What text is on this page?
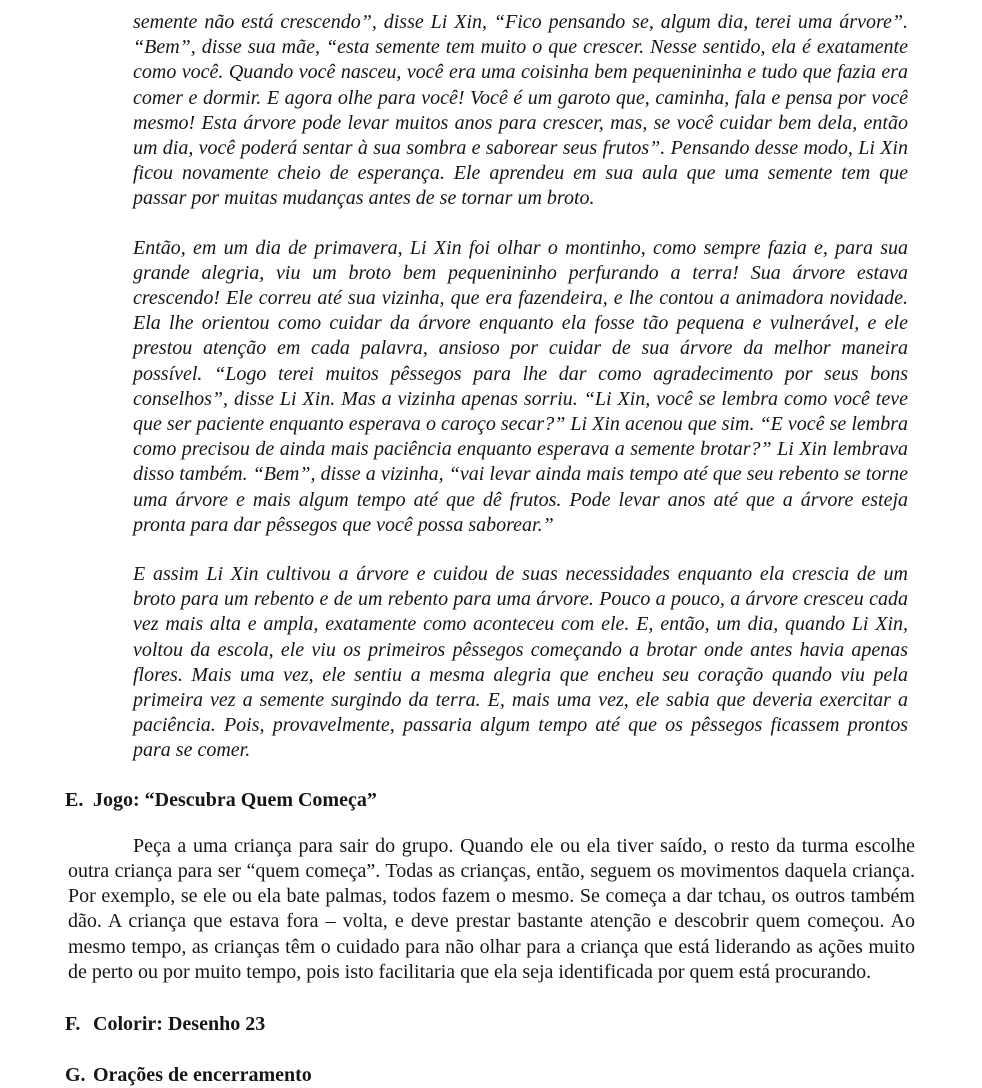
semente não está crescendo”, disse Li Xin, “Fico pensando se, algum dia, terei uma árvore”. “Bem”, disse sua mãe, “esta semente tem muito o que crescer. Nesse sentido, ela é exatamente como você. Quando você nasceu, você era uma coisinha bem pequenininha e tudo que fazia era comer e dormir. E agora olhe para você! Você é um garoto que, caminha, fala e pensa por você mesmo! Esta árvore pode levar muitos anos para crescer, mas, se você cuidar bem dela, então um dia, você poderá sentar à sua sombra e saborear seus frutos”. Pensando desse modo, Li Xin ficou novamente cheio de esperança. Ele aprendeu em sua aula que uma semente tem que passar por muitas mudanças antes de se tornar um broto.

Então, em um dia de primavera, Li Xin foi olhar o montinho, como sempre fazia e, para sua grande alegria, viu um broto bem pequenininho perfurando a terra! Sua árvore estava crescendo! Ele correu até sua vizinha, que era fazendeira, e lhe contou a animadora novidade. Ela lhe orientou como cuidar da árvore enquanto ela fosse tão pequena e vulnerável, e ele prestou atenção em cada palavra, ansioso por cuidar de sua árvore da melhor maneira possível. “Logo terei muitos pêssegos para lhe dar como agradecimento por seus bons conselhos”, disse Li Xin. Mas a vizinha apenas sorriu. “Li Xin, você se lembra como você teve que ser paciente enquanto esperava o caroço secar?” Li Xin acenou que sim. “E você se lembra como precisou de ainda mais paciência enquanto esperava a semente brotar?” Li Xin lembrava disso também. “Bem”, disse a vizinha, “vai levar ainda mais tempo até que seu rebento se torne uma árvore e mais algum tempo até que dê frutos. Pode levar anos até que a árvore esteja pronta para dar pêssegos que você possa saborear.”

E assim Li Xin cultivou a árvore e cuidou de suas necessidades enquanto ela crescia de um broto para um rebento e de um rebento para uma árvore. Pouco a pouco, a árvore cresceu cada vez mais alta e ampla, exatamente como aconteceu com ele. E, então, um dia, quando Li Xin, voltou da escola, ele viu os primeiros pêssegos começando a brotar onde antes havia apenas flores. Mais uma vez, ele sentiu a mesma alegria que encheu seu coração quando viu pela primeira vez a semente surgindo da terra. E, mais uma vez, ele sabia que deveria exercitar a paciência. Pois, provavelmente, passaria algum tempo até que os pêssegos ficassem prontos para se comer.

E. Jogo: “Descubra Quem Começa”

Peça a uma criança para sair do grupo. Quando ele ou ela tiver saído, o resto da turma escolhe outra criança para ser “quem começa”. Todas as crianças, então, seguem os movimentos daquela criança. Por exemplo, se ele ou ela bate palmas, todos fazem o mesmo. Se começa a dar tchau, os outros também dão. A criança que estava fora – volta, e deve prestar bastante atenção e descobrir quem começou. Ao mesmo tempo, as crianças têm o cuidado para não olhar para a criança que está liderando as ações muito de perto ou por muito tempo, pois isto facilitaria que ela seja identificada por quem está procurando.

F. Colorir: Desenho 23
G. Orações de encerramento
